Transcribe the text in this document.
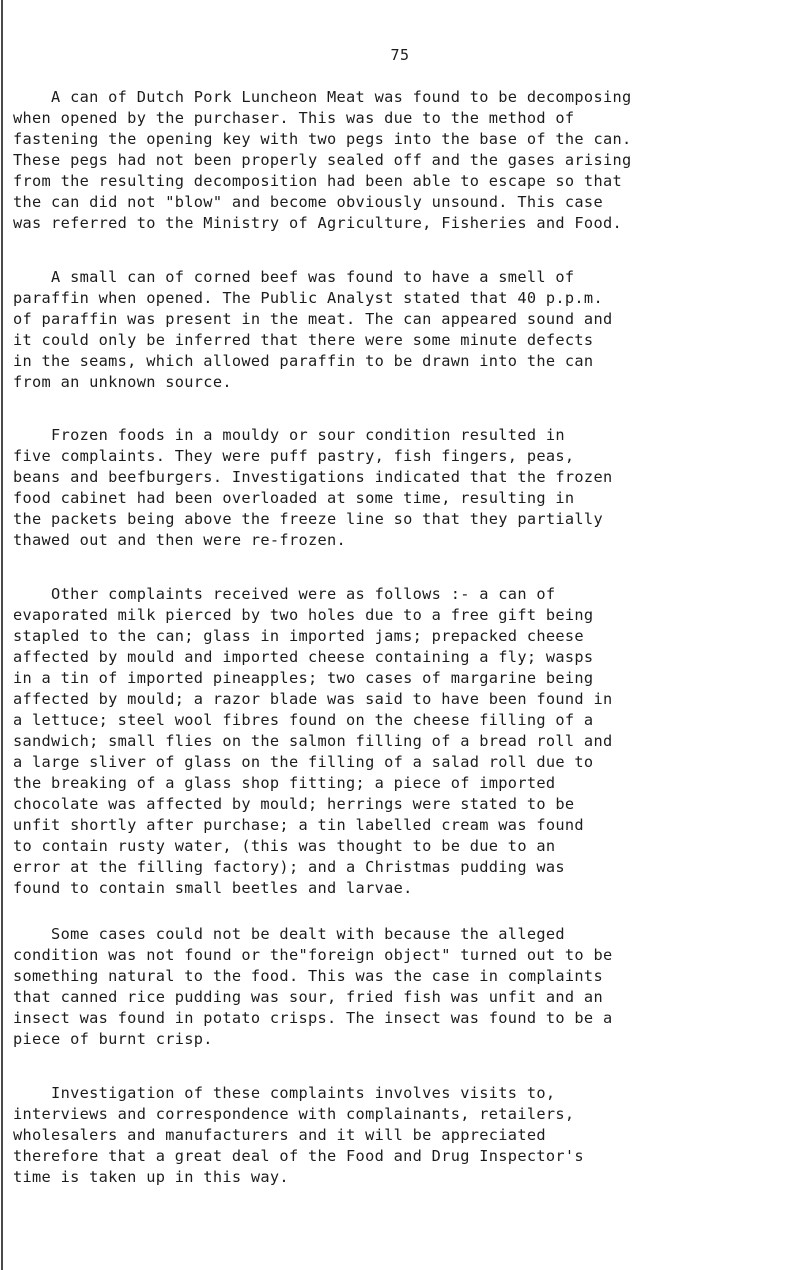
75
A can of Dutch Pork Luncheon Meat was found to be decomposing
when opened by the purchaser. This was due to the method of
fastening the opening key with two pegs into the base of the can.
These pegs had not been properly sealed off and the gases arising
from the resulting decomposition had been able to escape so that
the can did not "blow" and become obviously unsound. This case
was referred to the Ministry of Agriculture, Fisheries and Food.
A small can of corned beef was found to have a smell of
paraffin when opened. The Public Analyst stated that 40 p.p.m.
of paraffin was present in the meat. The can appeared sound and
it could only be inferred that there were some minute defects
in the seams, which allowed paraffin to be drawn into the can
from an unknown source.
Frozen foods in a mouldy or sour condition resulted in
five complaints. They were puff pastry, fish fingers, peas,
beans and beefburgers. Investigations indicated that the frozen
food cabinet had been overloaded at some time, resulting in
the packets being above the freeze line so that they partially
thawed out and then were re-frozen.
Other complaints received were as follows :- a can of
evaporated milk pierced by two holes due to a free gift being
stapled to the can; glass in imported jams; prepacked cheese
affected by mould and imported cheese containing a fly; wasps
in a tin of imported pineapples; two cases of margarine being
affected by mould; a razor blade was said to have been found in
a lettuce; steel wool fibres found on the cheese filling of a
sandwich; small flies on the salmon filling of a bread roll and
a large sliver of glass on the filling of a salad roll due to
the breaking of a glass shop fitting; a piece of imported
chocolate was affected by mould; herrings were stated to be
unfit shortly after purchase; a tin labelled cream was found
to contain rusty water, (this was thought to be due to an
error at the filling factory); and a Christmas pudding was
found to contain small beetles and larvae.
Some cases could not be dealt with because the alleged
condition was not found or the"foreign object" turned out to be
something natural to the food. This was the case in complaints
that canned rice pudding was sour, fried fish was unfit and an
insect was found in potato crisps. The insect was found to be a
piece of burnt crisp.
Investigation of these complaints involves visits to,
interviews and correspondence with complainants, retailers,
wholesalers and manufacturers and it will be appreciated
therefore that a great deal of the Food and Drug Inspector's
time is taken up in this way.
